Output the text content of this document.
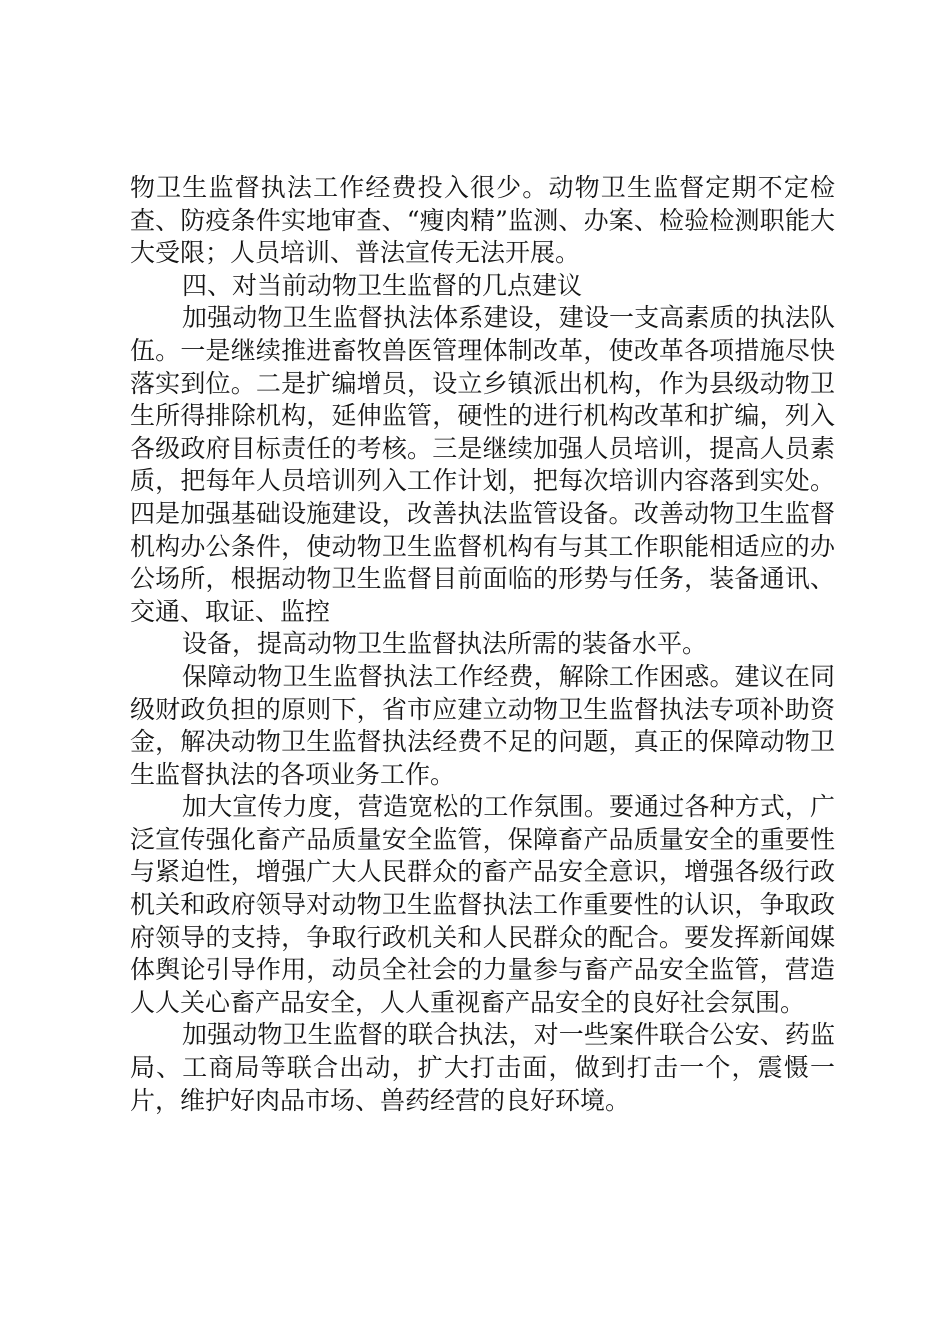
物卫生监督执法工作经费投入很少。动物卫生监督定期不定检查、防疫条件实地审查、“瘦肉精”监测、办案、检验检测职能大大受限；人员培训、普法宣传无法开展。

四、对当前动物卫生监督的几点建议

加强动物卫生监督执法体系建设，建设一支高素质的执法队伍。一是继续推进畜牧兽医管理体制改革，使改革各项措施尽快落实到位。二是扩编增员，设立乡镇派出机构，作为县级动物卫生所得排除机构，延伸监管，硬性的进行机构改革和扩编，列入各级政府目标责任的考核。三是继续加强人员培训，提高人员素质，把每年人员培训列入工作计划，把每次培训内容落到实处。四是加强基础设施建设，改善执法监管设备。改善动物卫生监督机构办公条件，使动物卫生监督机构有与其工作职能相适应的办公场所，根据动物卫生监督目前面临的形势与任务，装备通讯、交通、取证、监控

设备，提高动物卫生监督执法所需的装备水平。

保障动物卫生监督执法工作经费，解除工作困惑。建议在同级财政负担的原则下，省市应建立动物卫生监督执法专项补助资金，解决动物卫生监督执法经费不足的问题，真正的保障动物卫生监督执法的各项业务工作。

加大宣传力度，营造宽松的工作氛围。要通过各种方式，广泛宣传强化畜产品质量安全监管，保障畜产品质量安全的重要性与紧迫性，增强广大人民群众的畜产品安全意识，增强各级行政机关和政府领导对动物卫生监督执法工作重要性的认识，争取政府领导的支持，争取行政机关和人民群众的配合。要发挥新闻媒体舆论引导作用，动员全社会的力量参与畜产品安全监管，营造人人关心畜产品安全，人人重视畜产品安全的良好社会氛围。

加强动物卫生监督的联合执法，对一些案件联合公安、药监局、工商局等联合出动，扩大打击面，做到打击一个，震慑一片，维护好肉品市场、兽药经营的良好环境。
